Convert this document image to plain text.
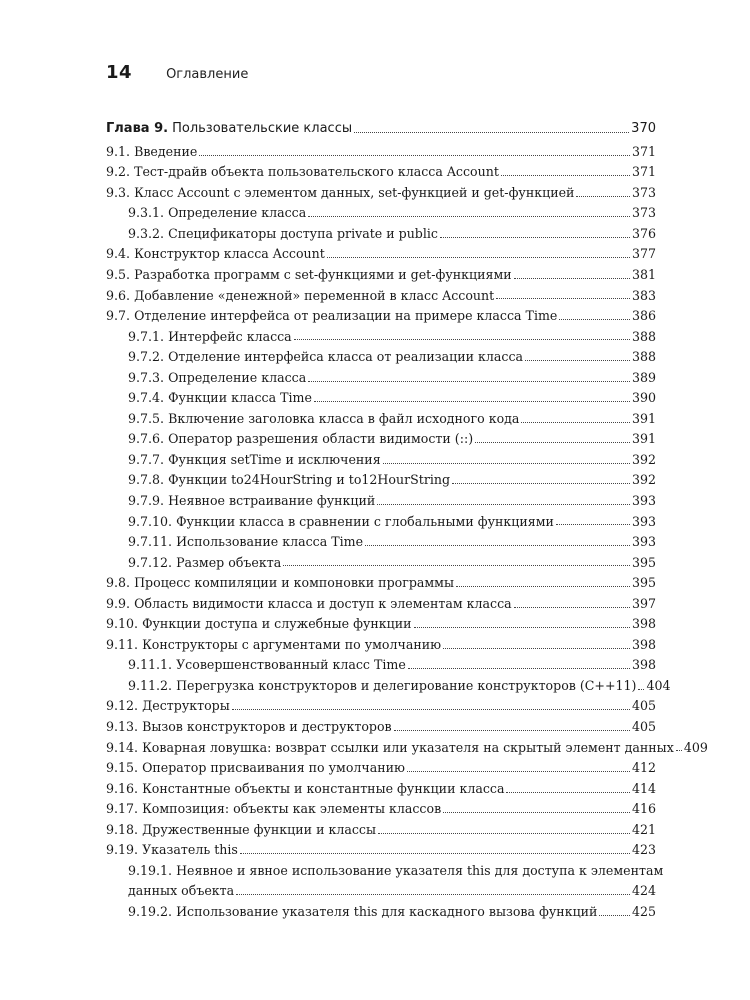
14	Оглавление
Глава 9. Пользовательские классы	370
9.1. Введение	371
9.2. Тест-драйв объекта пользовательского класса Account	371
9.3. Класс Account с элементом данных, set-функцией и get-функцией	373
9.3.1. Определение класса	373
9.3.2. Спецификаторы доступа private и public	376
9.4. Конструктор класса Account	377
9.5. Разработка программ с set-функциями и get-функциями	381
9.6. Добавление «денежной» переменной в класс Account	383
9.7. Отделение интерфейса от реализации на примере класса Time	386
9.7.1. Интерфейс класса	388
9.7.2. Отделение интерфейса класса от реализации класса	388
9.7.3. Определение класса	389
9.7.4. Функции класса Time	390
9.7.5. Включение заголовка класса в файл исходного кода	391
9.7.6. Оператор разрешения области видимости (::)	391
9.7.7. Функция setTime и исключения	392
9.7.8. Функции to24HourString и to12HourString	392
9.7.9. Неявное встраивание функций	393
9.7.10. Функции класса в сравнении с глобальными функциями	393
9.7.11. Использование класса Time	393
9.7.12. Размер объекта	395
9.8. Процесс компиляции и компоновки программы	395
9.9. Область видимости класса и доступ к элементам класса	397
9.10. Функции доступа и служебные функции	398
9.11. Конструкторы с аргументами по умолчанию	398
9.11.1. Усовершенствованный класс Time	398
9.11.2. Перегрузка конструкторов и делегирование конструкторов (C++11) 404
9.12. Деструкторы	405
9.13. Вызов конструкторов и деструкторов	405
9.14. Коварная ловушка: возврат ссылки или указателя на скрытый элемент данных 409
9.15. Оператор присваивания по умолчанию	412
9.16. Константные объекты и константные функции класса	414
9.17. Композиция: объекты как элементы классов	416
9.18. Дружественные функции и классы	421
9.19. Указатель this	423
9.19.1. Неявное и явное использование указателя this для доступа к элементам
данных объекта	424
9.19.2. Использование указателя this для каскадного вызова функций	425
